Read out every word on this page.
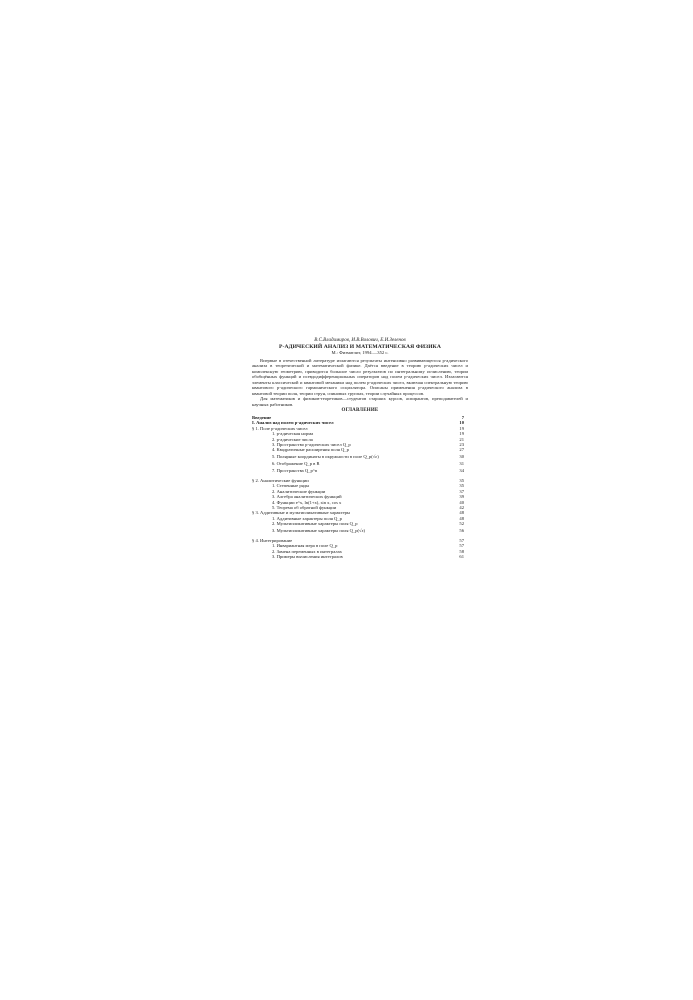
В.С.Владимиров, И.В.Волович, Е.И.Зеленов
P-АДИЧЕСКИЙ АНАЛИЗ И МАТЕМАТИЧЕСКАЯ ФИЗИКА
М.: Физматлит, 1994.—352 с.

Впервые в отечественной литературе излагаются результаты интенсивно развивающегося p-адического анализа в теоретической и математической физике. Даётся введение в теорию p-адических чисел и комплексную геометрию, приводится большое число результатов по интегральному исчислению, теории обобщённых функций и псевдодифференциальных операторов над полем p-адических чисел. Излагаются элементы классической и квантовой механики над полем p-адических чисел, включая спектральную теорию квантового p-адического гармонического осциллятора. Описаны применения p-адического анализа в квантовой теории поля, теории струн, спиновых группах, теории случайных процессов.

Для математиков и физиков-теоретиков—студентов старших курсов, аспирантов, преподавателей и научных работников.

ОГЛАВЛЕНИЕ
Введение	7
I. Анализ над полем p-адических чисел	10
§ 1. Поле p-адических чисел	19
1. p-адическая норма	19
2. p-адические числа	21
3. Пространство p-адических чисел Q_p	23
4. Квадратичные расширения поля Q_p	27
5. Полярные координаты в окружности в поле Q_p(√ε)	30
6. Отображение Q_p в R	31
7. Пространства Q_p^n	34
§ 2. Аналитические функции	35
1. Степенные ряды	35
2. Аналитические функции	37
3. Алгебра аналитических функций	39
4. Функции e^x, ln(1+x), sin x, cos x	40
5. Теорема об обратной функции	42
§ 3. Аддитивные и мультипликативные характеры	48
1. Аддитивные характеры поля Q_p	48
2. Мультипликативные характеры поля Q_p	52
3. Мультипликативные характеры поля Q_p(√ε)	56
§ 4. Интегрирование	57
1. Инвариантная мера в поле Q_p	57
2. Замена переменных в интегралах	58
3. Примеры вычисления интегралов	61
